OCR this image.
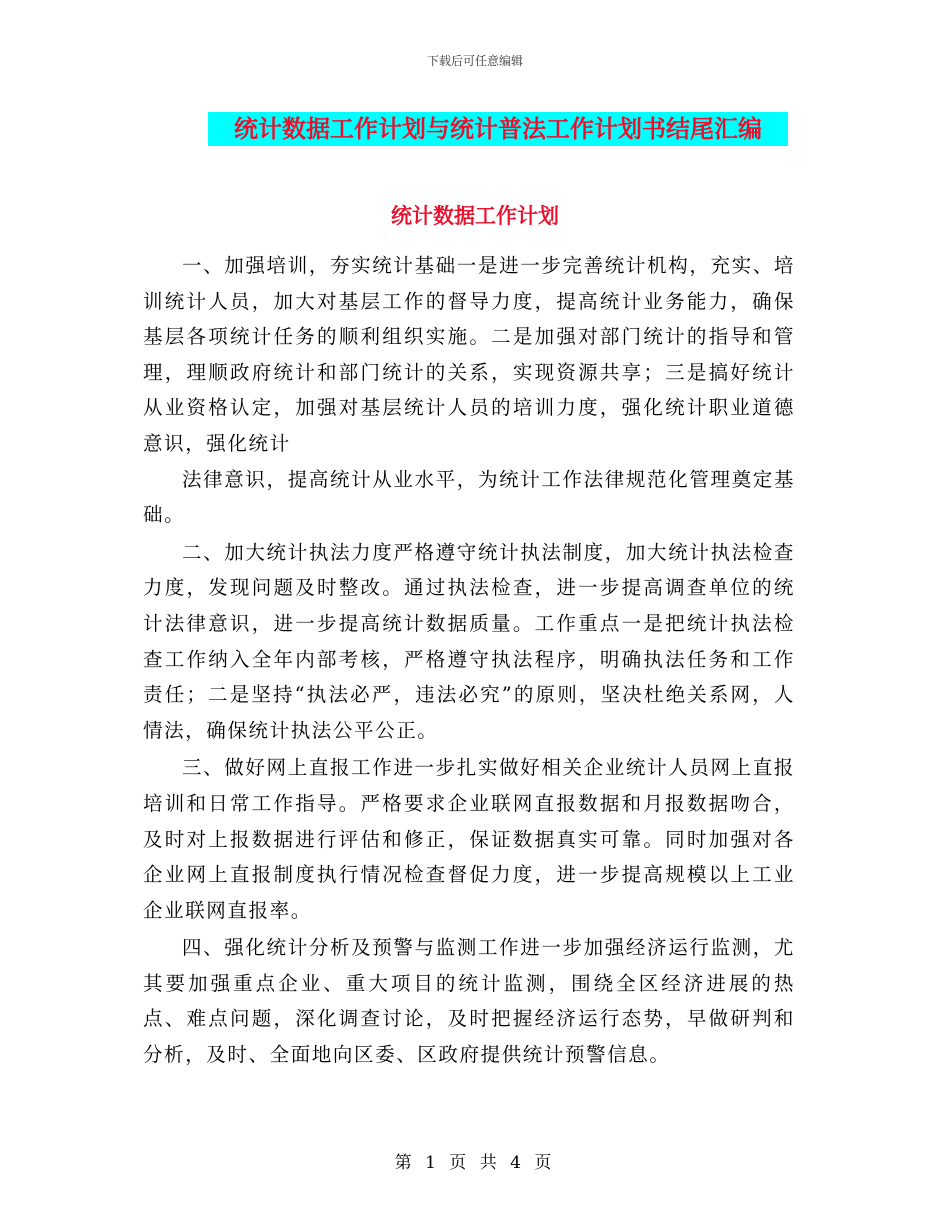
下载后可任意编辑
统计数据工作计划与统计普法工作计划书结尾汇编
统计数据工作计划

一、加强培训，夯实统计基础一是进一步完善统计机构，充实、培训统计人员，加大对基层工作的督导力度，提高统计业务能力，确保基层各项统计任务的顺利组织实施。二是加强对部门统计的指导和管理，理顺政府统计和部门统计的关系，实现资源共享；三是搞好统计从业资格认定，加强对基层统计人员的培训力度，强化统计职业道德意识，强化统计

法律意识，提高统计从业水平，为统计工作法律规范化管理奠定基础。

二、加大统计执法力度严格遵守统计执法制度，加大统计执法检查力度，发现问题及时整改。通过执法检查，进一步提高调查单位的统计法律意识，进一步提高统计数据质量。工作重点一是把统计执法检查工作纳入全年内部考核，严格遵守执法程序，明确执法任务和工作责任；二是坚持“执法必严，违法必究”的原则，坚决杜绝关系网，人情法，确保统计执法公平公正。

三、做好网上直报工作进一步扎实做好相关企业统计人员网上直报培训和日常工作指导。严格要求企业联网直报数据和月报数据吻合，及时对上报数据进行评估和修正，保证数据真实可靠。同时加强对各企业网上直报制度执行情况检查督促力度，进一步提高规模以上工业企业联网直报率。

四、强化统计分析及预警与监测工作进一步加强经济运行监测，尤其要加强重点企业、重大项目的统计监测，围绕全区经济进展的热点、难点问题，深化调查讨论，及时把握经济运行态势，早做研判和分析，及时、全面地向区委、区政府提供统计预警信息。

第 1 页 共 4 页
